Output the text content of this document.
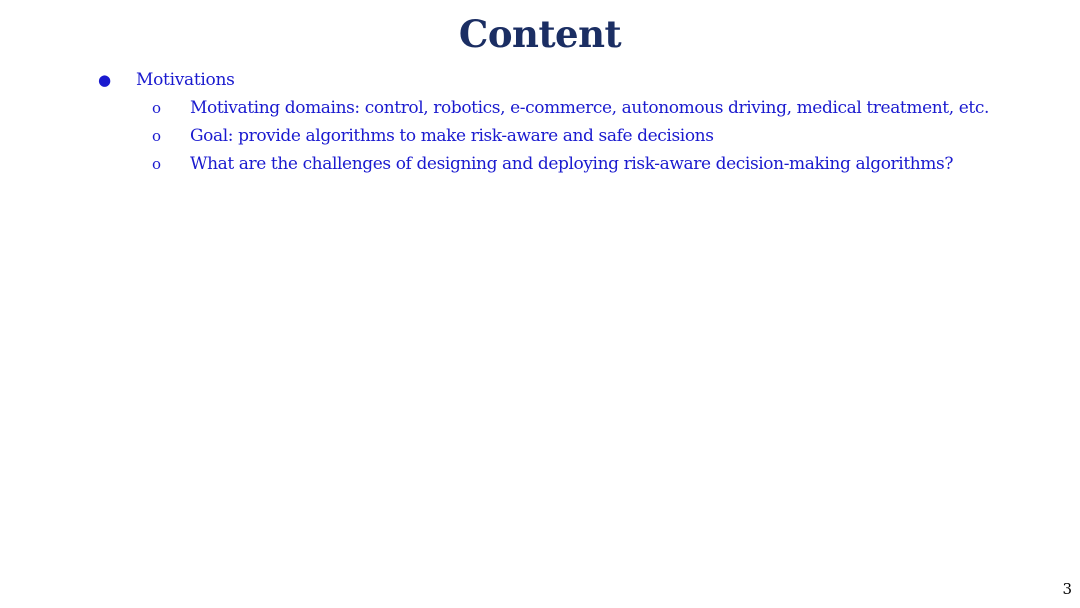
Content
● Motivations
o Motivating domains: control, robotics, e-commerce, autonomous driving, medical treatment, etc.
o Goal: provide algorithms to make risk-aware and safe decisions
o What are the challenges of designing and deploying risk-aware decision-making algorithms?
3
